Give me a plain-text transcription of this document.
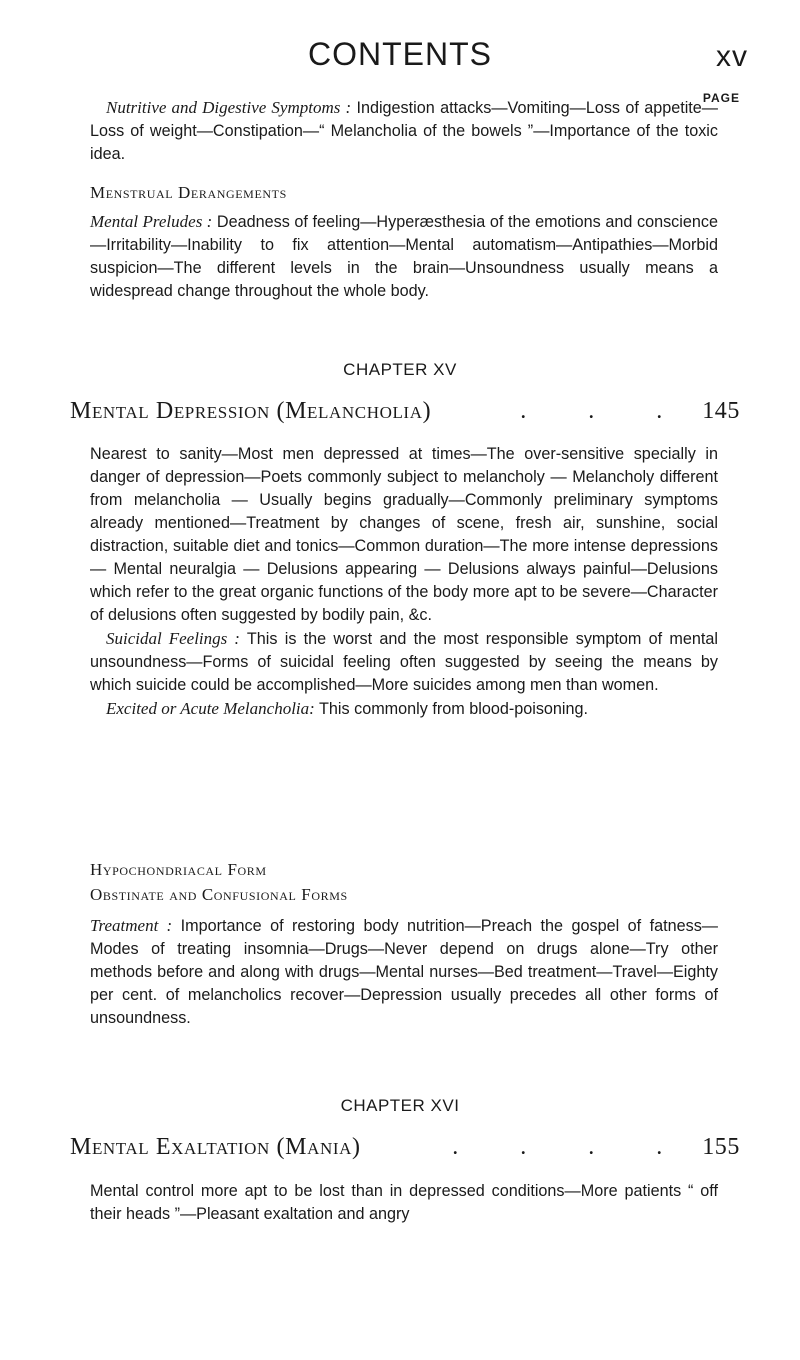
CONTENTS	xv
PAGE

Nutritive and Digestive Symptoms : Indigestion attacks—Vomiting—Loss of appetite—Loss of weight—Constipation—“ Melancholia of the bowels ”—Importance of the toxic idea.

Menstrual Derangements

Mental Preludes : Deadness of feeling—Hyperæsthesia of the emotions and conscience—Irritability—Inability to fix attention—Mental automatism—Antipathies—Morbid suspicion—The different levels in the brain—Unsoundness usually means a widespread change throughout the whole body.

CHAPTER XV
Mental Depression (Melancholia)	. . . 145

Nearest to sanity—Most men depressed at times—The over-sensitive specially in danger of depression—Poets commonly subject to melancholy — Melancholy different from melancholia — Usually begins gradually—Commonly preliminary symptoms already mentioned—Treatment by changes of scene, fresh air, sunshine, social distraction, suitable diet and tonics—Common duration—The more intense depressions — Mental neuralgia — Delusions appearing — Delusions always painful—Delusions which refer to the great organic functions of the body more apt to be severe—Character of delusions often suggested by bodily pain, &c.

Suicidal Feelings : This is the worst and the most responsible symptom of mental unsoundness—Forms of suicidal feeling often suggested by seeing the means by which suicide could be accomplished—More suicides among men than women.

Excited or Acute Melancholia: This commonly from blood-poisoning.

Hypochondriacal Form
Obstinate and Confusional Forms

Treatment : Importance of restoring body nutrition—Preach the gospel of fatness—Modes of treating insomnia—Drugs—Never depend on drugs alone—Try other methods before and along with drugs—Mental nurses—Bed treatment—Travel—Eighty per cent. of melancholics recover—Depression usually precedes all other forms of unsoundness.

CHAPTER XVI
Mental Exaltation (Mania)	. . . . 155

Mental control more apt to be lost than in depressed conditions—More patients “ off their heads ”—Pleasant exaltation and angry
